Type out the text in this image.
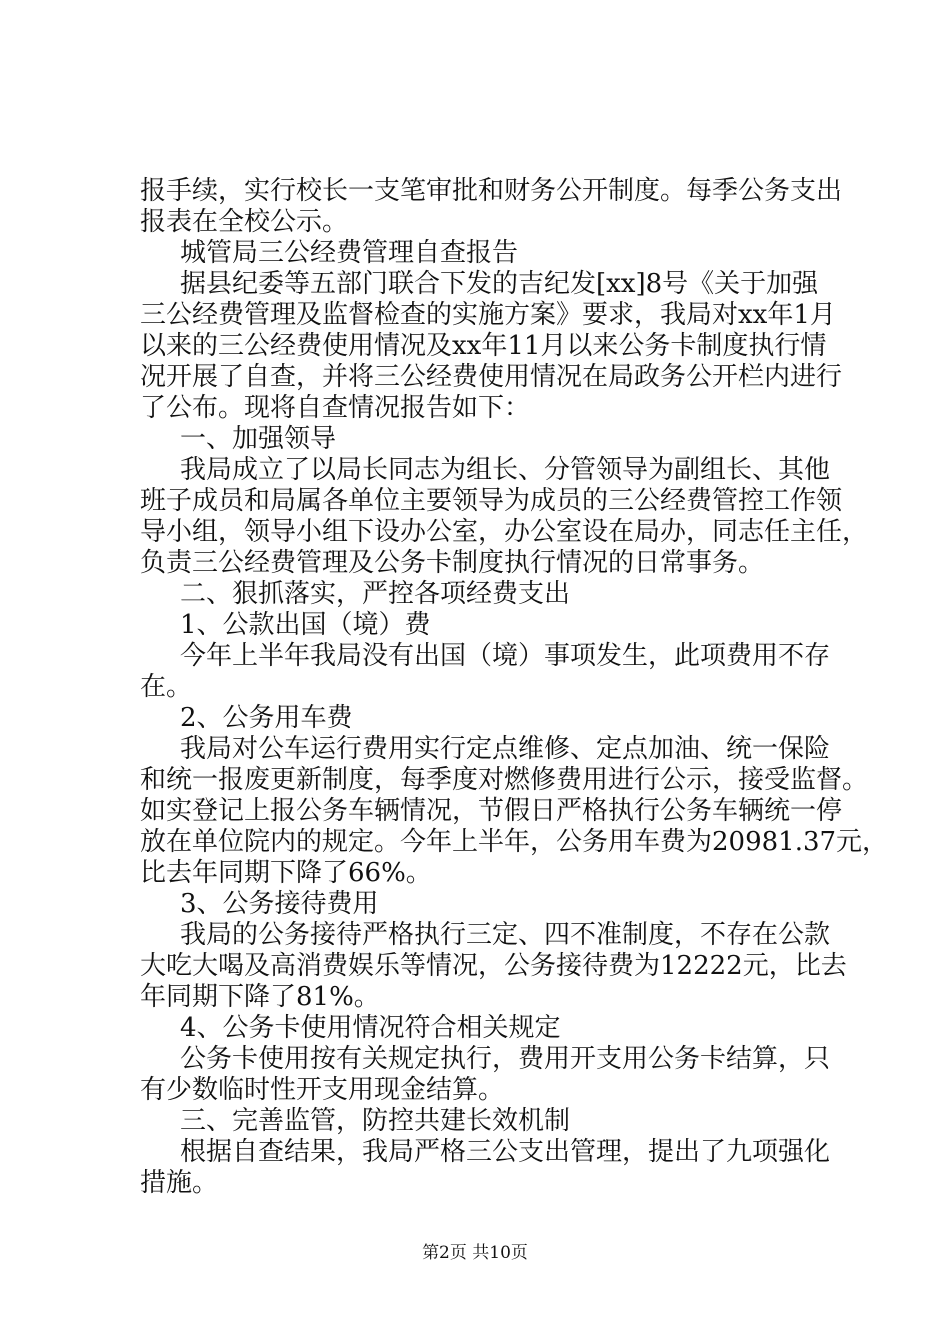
报手续，实行校长一支笔审批和财务公开制度。每季公务支出
报表在全校公示。
城管局三公经费管理自查报告
据县纪委等五部门联合下发的吉纪发[xx]8号《关于加强
三公经费管理及监督检查的实施方案》要求，我局对xx年1月
以来的三公经费使用情况及xx年11月以来公务卡制度执行情
况开展了自查，并将三公经费使用情况在局政务公开栏内进行
了公布。现将自查情况报告如下：
一、加强领导
我局成立了以局长同志为组长、分管领导为副组长、其他
班子成员和局属各单位主要领导为成员的三公经费管控工作领
导小组，领导小组下设办公室，办公室设在局办，同志任主任，
负责三公经费管理及公务卡制度执行情况的日常事务。
二、狠抓落实，严控各项经费支出
1、公款出国（境）费
今年上半年我局没有出国（境）事项发生，此项费用不存
在。
2、公务用车费
我局对公车运行费用实行定点维修、定点加油、统一保险
和统一报废更新制度，每季度对燃修费用进行公示，接受监督。
如实登记上报公务车辆情况，节假日严格执行公务车辆统一停
放在单位院内的规定。今年上半年，公务用车费为20981.37元，
比去年同期下降了66%。
3、公务接待费用
我局的公务接待严格执行三定、四不准制度，不存在公款
大吃大喝及高消费娱乐等情况，公务接待费为12222元，比去
年同期下降了81%。
4、公务卡使用情况符合相关规定
公务卡使用按有关规定执行，费用开支用公务卡结算，只
有少数临时性开支用现金结算。
三、完善监管，防控共建长效机制
根据自查结果，我局严格三公支出管理，提出了九项强化
措施。
第2页 共10页
